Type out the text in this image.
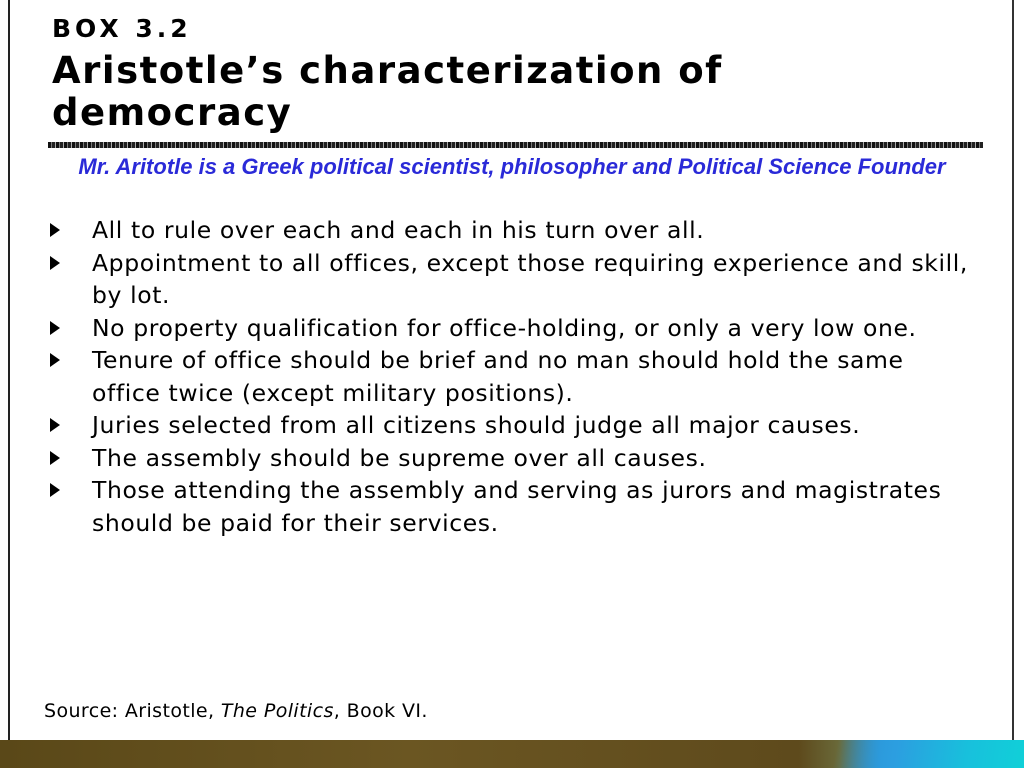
BOX 3.2
Aristotle’s characterization of democracy
Mr. Aritotle is a Greek political scientist, philosopher and Political Science Founder
All to rule over each and each in his turn over all.
Appointment to all offices, except those requiring experience and skill, by lot.
No property qualification for office-holding, or only a very low one.
Tenure of office should be brief and no man should hold the same office twice (except military positions).
Juries selected from all citizens should judge all major causes.
The assembly should be supreme over all causes.
Those attending the assembly and serving as jurors and magistrates should be paid for their services.
Source: Aristotle, The Politics, Book VI.
